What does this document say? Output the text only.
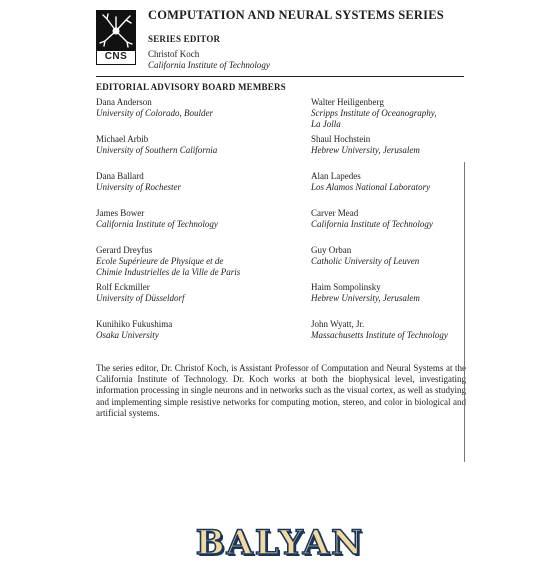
CNS
COMPUTATION AND NEURAL SYSTEMS SERIES
SERIES EDITOR
Christof Koch
California Institute of Technology
EDITORIAL ADVISORY BOARD MEMBERS
Dana Anderson
University of Colorado, Boulder
Michael Arbib
University of Southern California
Dana Ballard
University of Rochester
James Bower
California Institute of Technology
Gerard Dreyfus
Ecole Supérieure de Physique et de
Chimie Industrielles de la Ville de Paris
Rolf Eckmiller
University of Düsseldorf
Kunihiko Fukushima
Osaka University
Walter Heiligenberg
Scripps Institute of Oceanography,
La Jolla
Shaul Hochstein
Hebrew University, Jerusalem
Alan Lapedes
Los Alamos National Laboratory
Carver Mead
California Institute of Technology
Guy Orban
Catholic University of Leuven
Haim Sompolinsky
Hebrew University, Jerusalem
John Wyatt, Jr.
Massachusetts Institute of Technology
The series editor, Dr. Christof Koch, is Assistant Professor of Computation and Neural Systems at the California Institute of Technology. Dr. Koch works at both the biophysical level, investigating information processing in single neurons and in networks such as the visual cortex, as well as studying and implementing simple resistive networks for computing motion, stereo, and color in biological and artificial systems.
BALYAN
